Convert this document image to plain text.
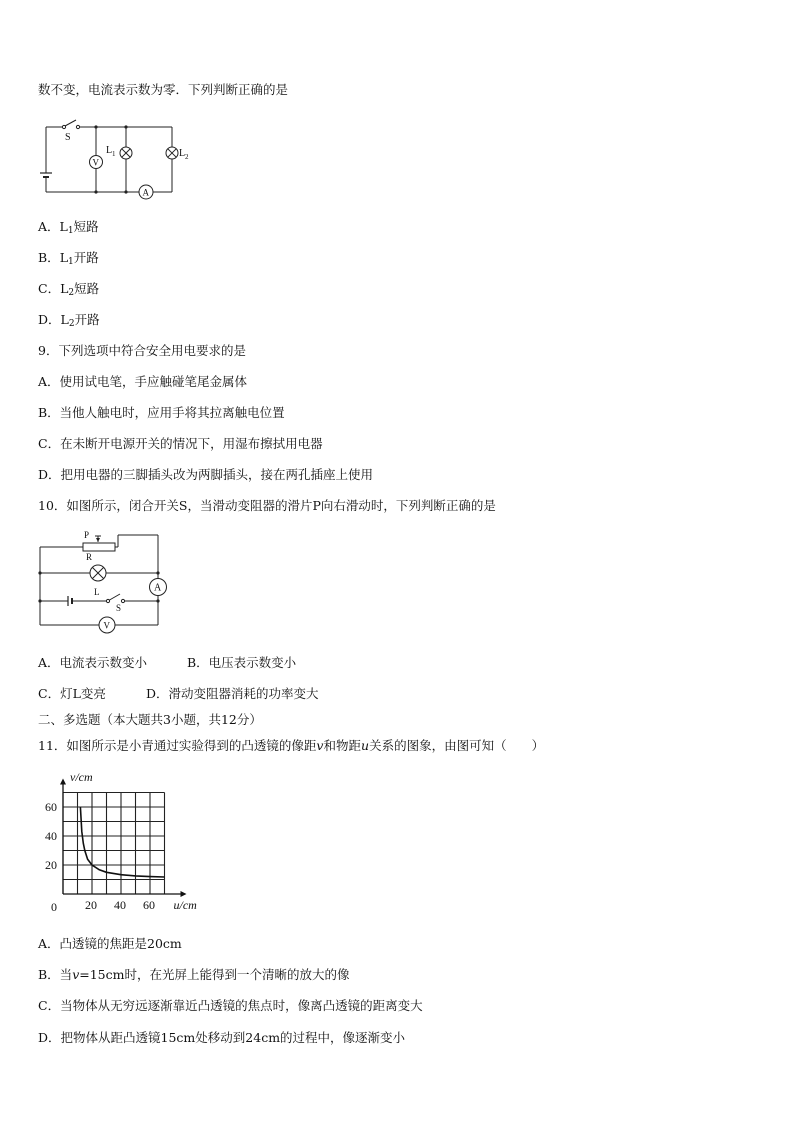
数不变，电流表示数为零．下列判断正确的是
S
V
A
L 1	L 2
A．$L_1$短路
B．$L_1$开路
C．$L_2$短路
D．$L_2$开路
9．下列选项中符合安全用电要求的是
A．使用试电笔，手应触碰笔尾金属体
B．当他人触电时，应用手将其拉离触电位置
C．在未断开电源开关的情况下，用湿布擦拭用电器
D．把用电器的三脚插头改为两脚插头，接在两孔插座上使用
10．如图所示，闭合开关S，当滑动变阻器的滑片P向右滑动时，下列判断正确的是
P
R
L
S
A
V
A．电流表示数变小	B．电压表示数变小
C．灯L变亮	D．滑动变阻器消耗的功率变大
二、多选题（本大题共3小题，共12分）
11．如图所示是小青通过实验得到的凸透镜的像距v和物距u关系的图象，由图可知（　　）
20 40 60
20
40
60
0
v/cm
u/cm
A．凸透镜的焦距是20cm
B．当v=15cm时，在光屏上能得到一个清晰的放大的像
C．当物体从无穷远逐渐靠近凸透镜的焦点时，像离凸透镜的距离变大
D．把物体从距凸透镜15cm处移动到24cm的过程中，像逐渐变小
